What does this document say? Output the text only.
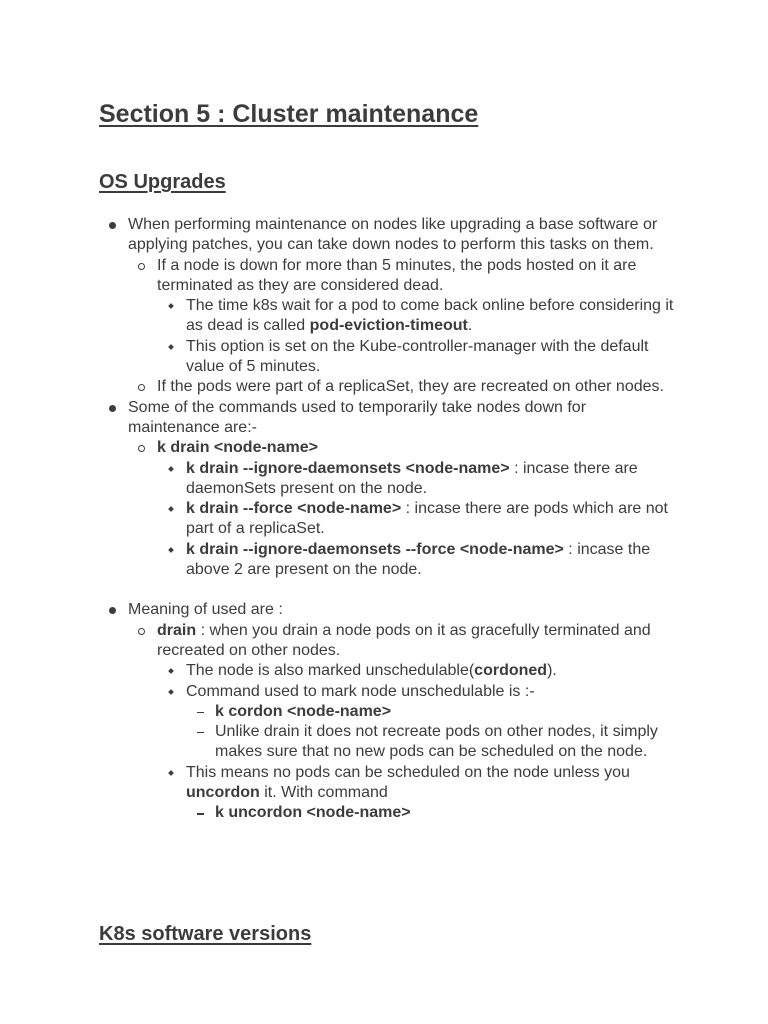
Section 5 : Cluster maintenance
OS Upgrades
When performing maintenance on nodes like upgrading a base software or applying patches, you can take down nodes to perform this tasks on them.
If a node is down for more than 5 minutes, the pods hosted on it are terminated as they are considered dead.
The time k8s wait for a pod to come back online before considering it as dead is called pod-eviction-timeout.
This option is set on the Kube-controller-manager with the default value of 5 minutes.
If the pods were part of a replicaSet, they are recreated on other nodes.
Some of the commands used to temporarily take nodes down for maintenance are:-
k drain <node-name>
k drain --ignore-daemonsets <node-name> : incase there are daemonSets present on the node.
k drain --force <node-name> : incase there are pods which are not part of a replicaSet.
k drain --ignore-daemonsets --force <node-name> : incase the above 2 are present on the node.
Meaning of used are :
drain : when you drain a node pods on it as gracefully terminated and recreated on other nodes.
The node is also marked unschedulable(cordoned).
Command used to mark node unschedulable is :-
k cordon <node-name>
Unlike drain it does not recreate pods on other nodes, it simply makes sure that no new pods can be scheduled on the node.
This means no pods can be scheduled on the node unless you uncordon it. With command
k uncordon <node-name>
K8s software versions
